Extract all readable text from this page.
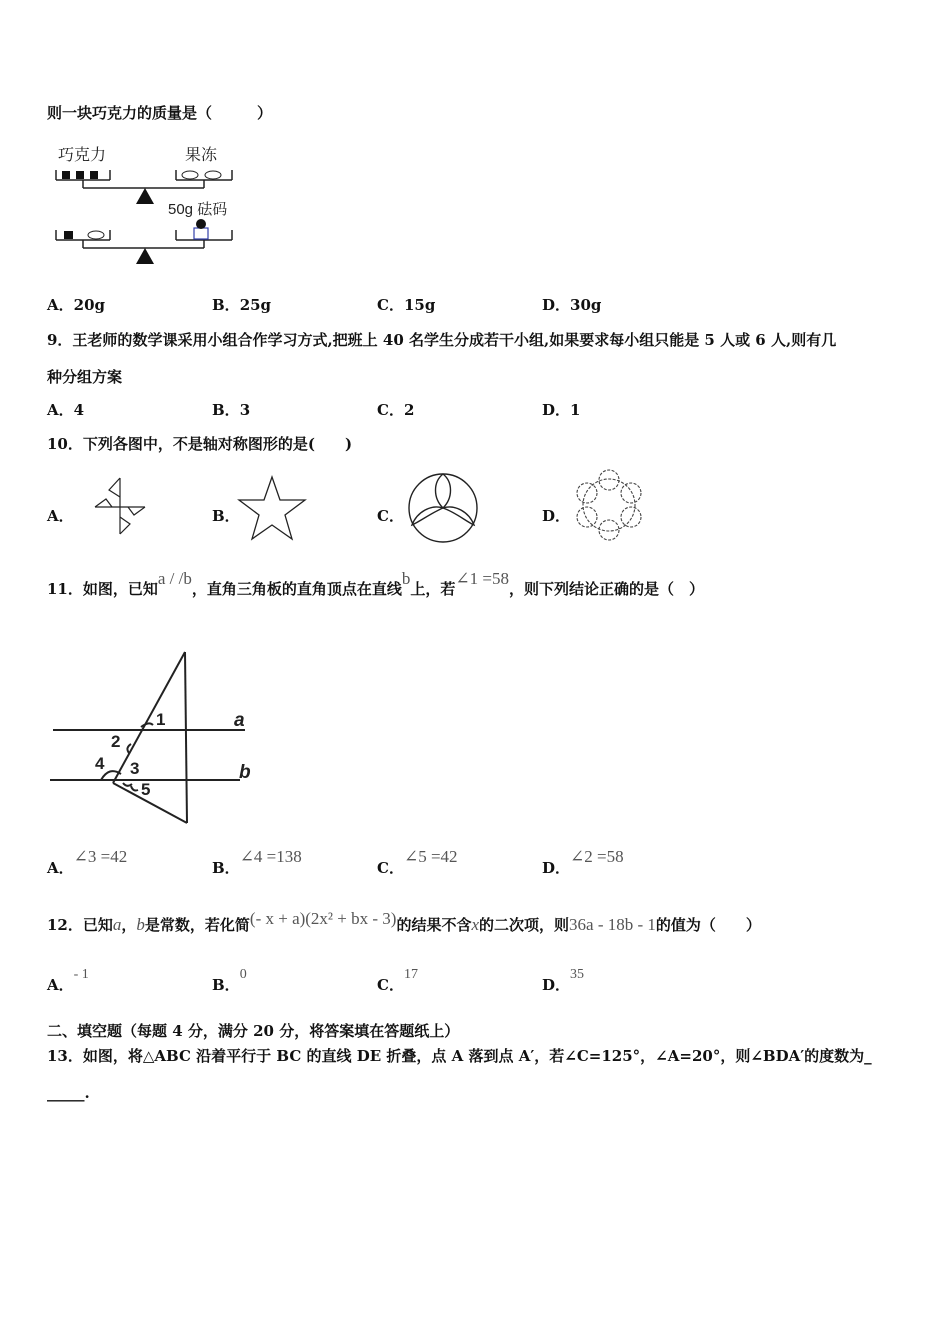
则一块巧克力的质量是（　　　）
巧克力	果冻
50g 砝码
A．20g	B．25g	C．15g	D．30g
9．王老师的数学课采用小组合作学习方式,把班上 40 名学生分成若干小组,如果要求每小组只能是 5 人或 6 人,则有几
种分组方案
A．4	B．3	C．2	D．1
10．下列各图中，不是轴对称图形的是(　　)
A．	B．	C．	D．
11．如图，已知a / /b，直角三角板的直角顶点在直线b上，若∠1 =58，则下列结论正确的是（　）
1
2
3
4
5
a
b
A．∠3 =42
B．∠4 =138
C．∠5 =42
D．∠2 =58
12．已知a，b是常数，若化简(- x + a)(2x² + bx - 3)的结果不含x的二次项，则36a - 18b - 1的值为（　　）
A．- 1
B．0
C．17
D．35
二、填空题（每题 4 分，满分 20 分，将答案填在答题纸上）
13．如图，将△ABC 沿着平行于 BC 的直线 DE 折叠，点 A 落到点 A′，若∠C=125°，∠A=20°，则∠BDA′的度数为_
_____.
